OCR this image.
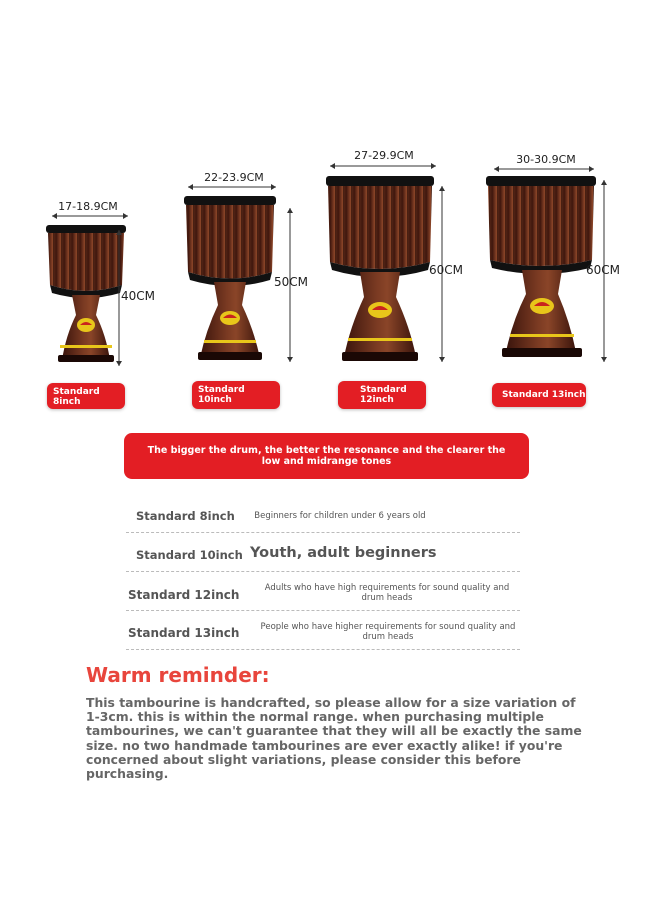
17-18.9CM
40CM
Standard
8inch
22-23.9CM
50CM
Standard
10inch
27-29.9CM
60CM
Standard
12inch
30-30.9CM
60CM
Standard 13inch
The bigger the drum, the better the resonance and the clearer the low and midrange tones
Standard 8inch	Beginners for children under 6 years old
Standard 10inch Youth, adult beginners
Standard 12inch	Adults who have high requirements for sound quality and drum heads
Standard 13inch	People who have higher requirements for sound quality and drum heads
Warm reminder:
This tambourine is handcrafted, so please allow for a size variation of 1-3cm. this is within the normal range. when purchasing multiple tambourines, we can't guarantee that they will all be exactly the same size. no two handmade tambourines are ever exactly alike! if you're concerned about slight variations, please consider this before purchasing.
